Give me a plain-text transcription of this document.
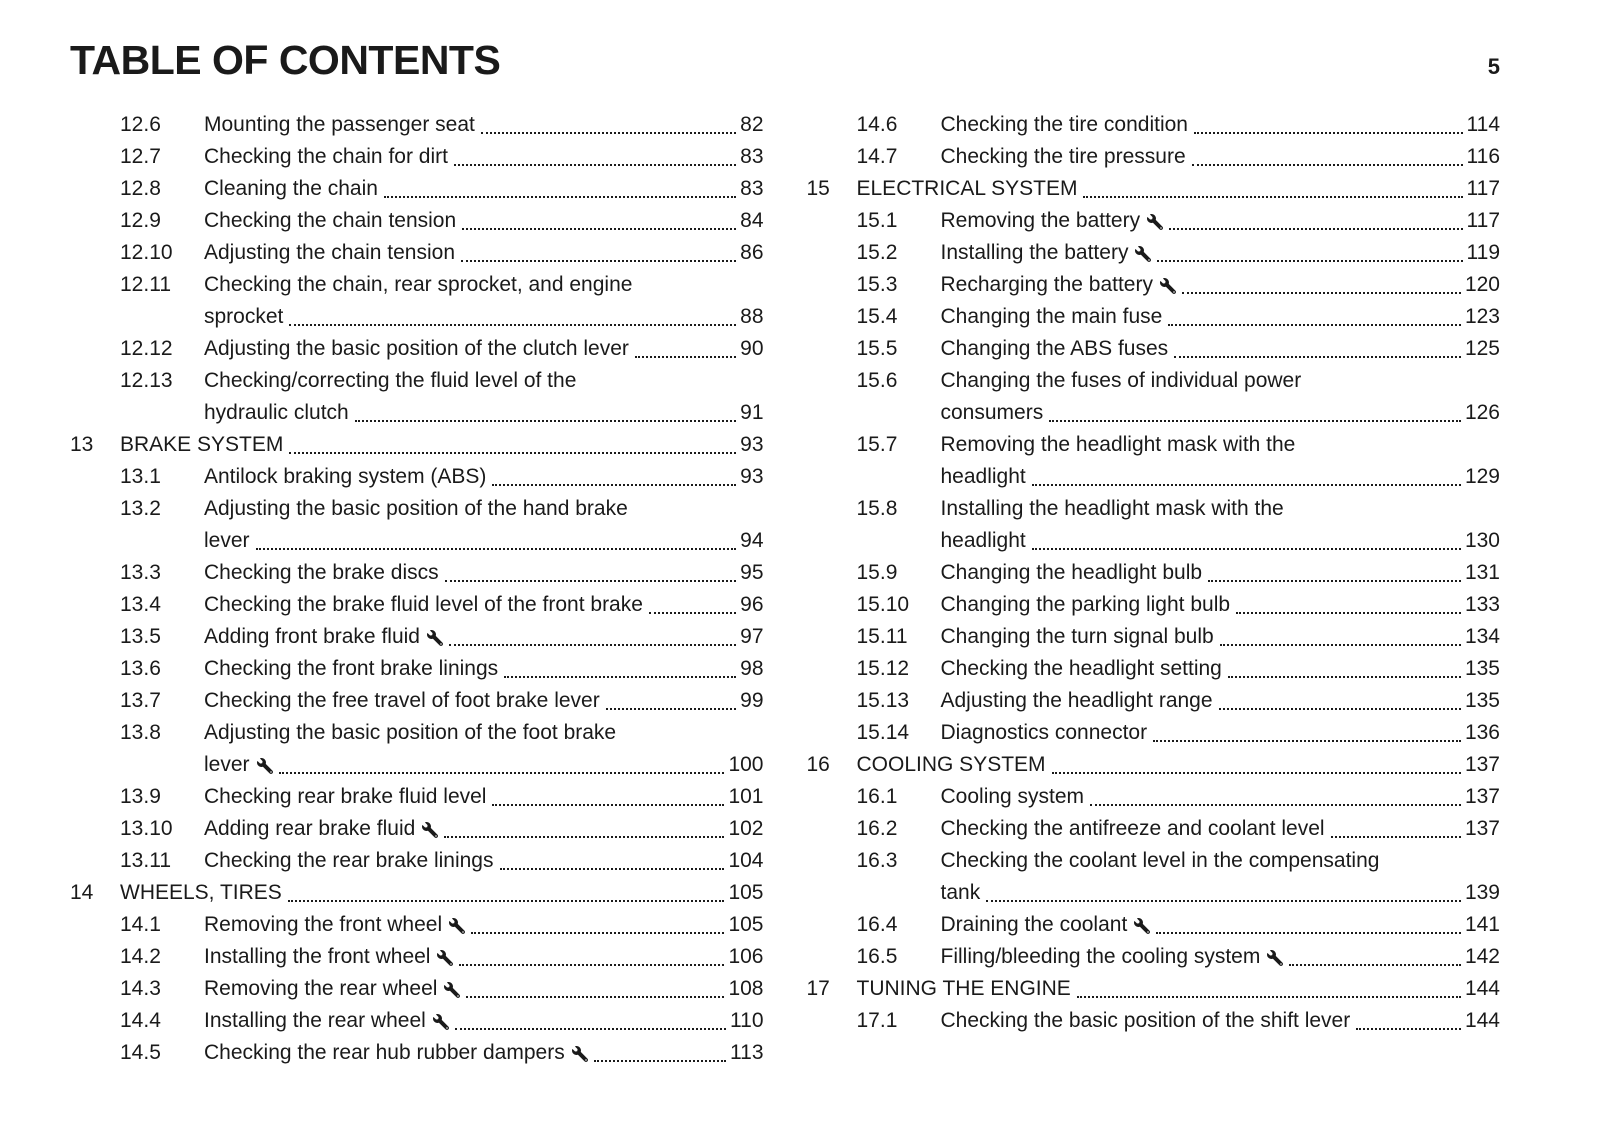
TABLE OF CONTENTS	5
12.6	Mounting the passenger seat	82
12.7	Checking the chain for dirt	83
12.8	Cleaning the chain	83
12.9	Checking the chain tension	84
12.10	Adjusting the chain tension	86
12.11	Checking the chain, rear sprocket, and engine
sprocket	88
12.12	Adjusting the basic position of the clutch lever	90
12.13	Checking/correcting the fluid level of the
hydraulic clutch	91
13	BRAKE SYSTEM	93
13.1	Antilock braking system (ABS)	93
13.2	Adjusting the basic position of the hand brake
lever	94
13.3	Checking the brake discs	95
13.4	Checking the brake fluid level of the front brake	96
13.5	Adding front brake fluid	97
13.6	Checking the front brake linings	98
13.7	Checking the free travel of foot brake lever	99
13.8	Adjusting the basic position of the foot brake
lever	100
13.9	Checking rear brake fluid level	101
13.10	Adding rear brake fluid	102
13.11	Checking the rear brake linings	104
14	WHEELS, TIRES	105
14.1	Removing the front wheel	105
14.2	Installing the front wheel	106
14.3	Removing the rear wheel	108
14.4	Installing the rear wheel	110
14.5	Checking the rear hub rubber dampers	113
14.6	Checking the tire condition	114
14.7	Checking the tire pressure	116
15	ELECTRICAL SYSTEM	117
15.1	Removing the battery	117
15.2	Installing the battery	119
15.3	Recharging the battery	120
15.4	Changing the main fuse	123
15.5	Changing the ABS fuses	125
15.6	Changing the fuses of individual power
consumers	126
15.7	Removing the headlight mask with the
headlight	129
15.8	Installing the headlight mask with the
headlight	130
15.9	Changing the headlight bulb	131
15.10	Changing the parking light bulb	133
15.11	Changing the turn signal bulb	134
15.12	Checking the headlight setting	135
15.13	Adjusting the headlight range	135
15.14	Diagnostics connector	136
16	COOLING SYSTEM	137
16.1	Cooling system	137
16.2	Checking the antifreeze and coolant level	137
16.3	Checking the coolant level in the compensating
tank	139
16.4	Draining the coolant	141
16.5	Filling/bleeding the cooling system	142
17	TUNING THE ENGINE	144
17.1	Checking the basic position of the shift lever	144
